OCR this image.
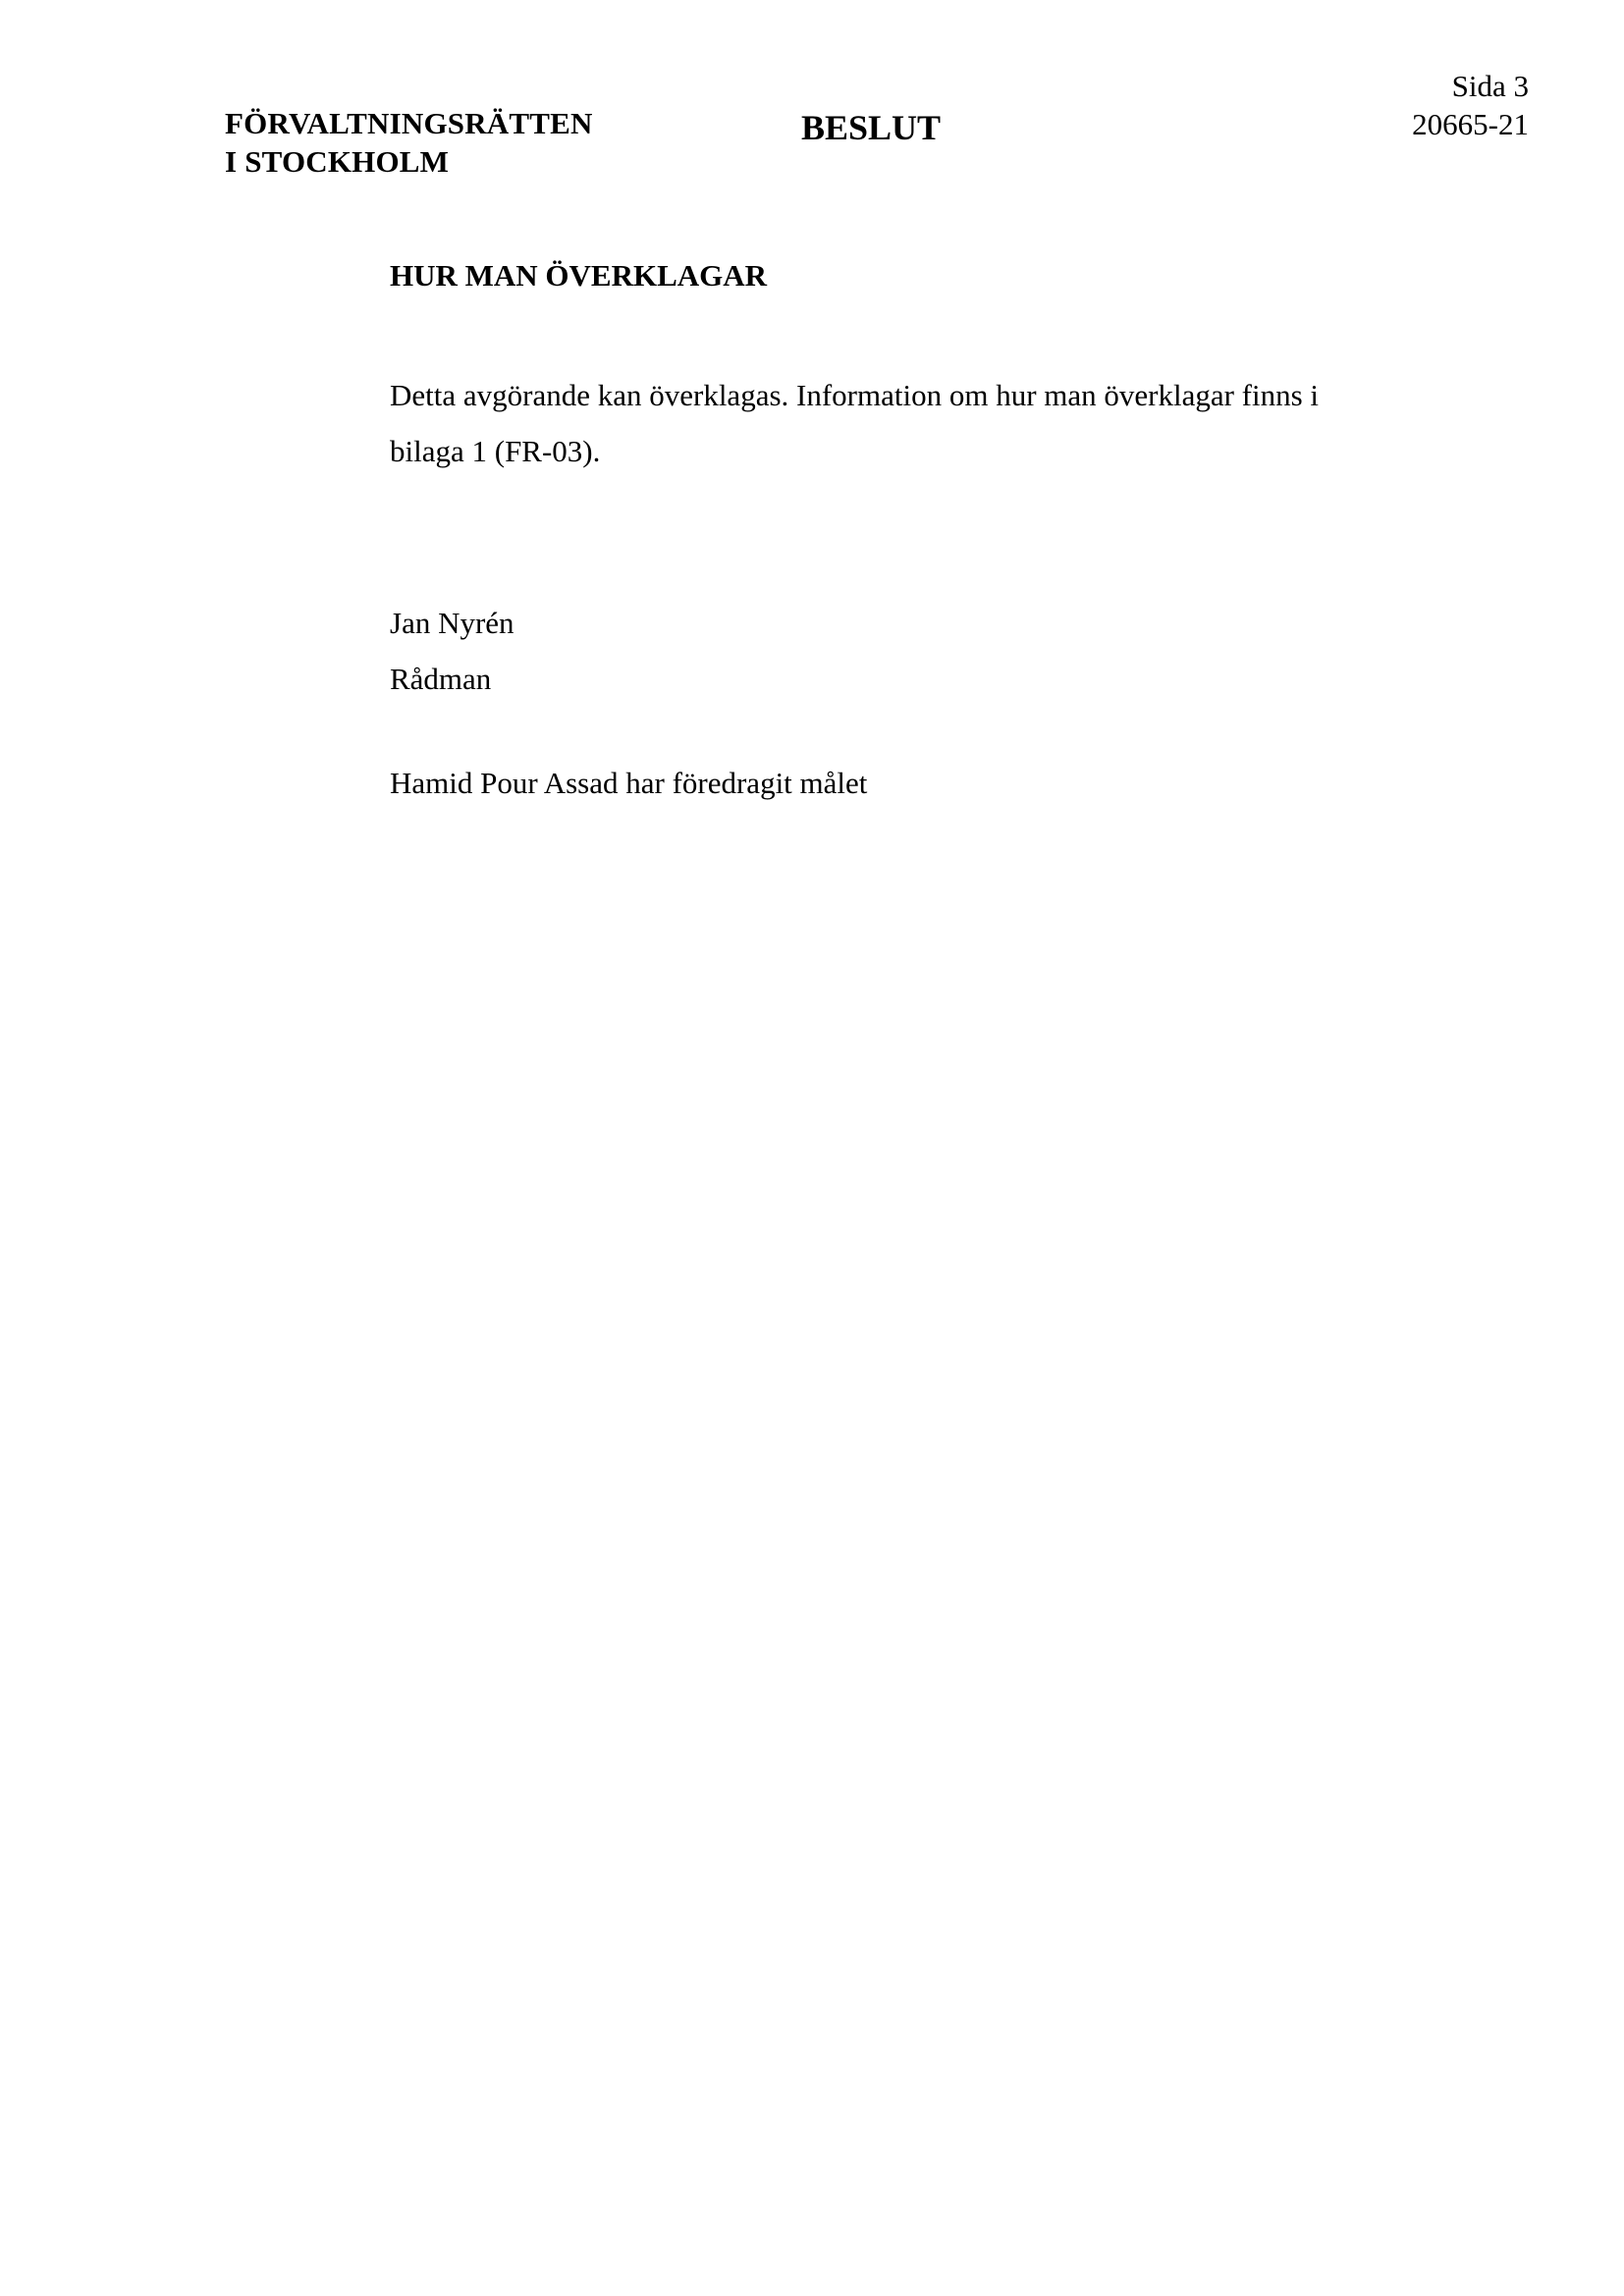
FÖRVALTNINGSRÄTTEN
I STOCKHOLM
BESLUT
Sida 3
20665-21
HUR MAN ÖVERKLAGAR
Detta avgörande kan överklagas. Information om hur man överklagar finns i
bilaga 1 (FR-03).
Jan Nyrén
Rådman
Hamid Pour Assad har föredragit målet
